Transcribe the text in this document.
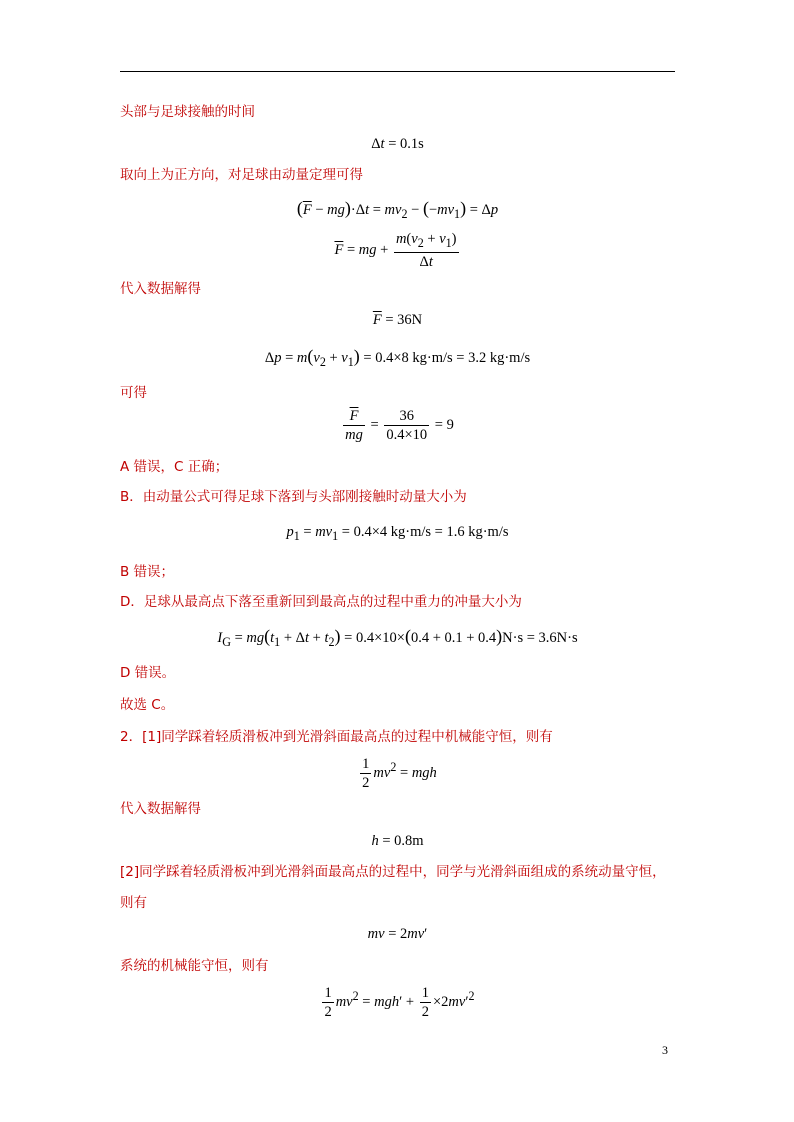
头部与足球接触的时间
Δt = 0.1s
取向上为正方向，对足球由动量定理可得
$(\overline{F} - mg)\cdot\Delta t = mv_2 - (-mv_1) = \Delta p$
$\overline{F}$ = mg + $\frac{m(v_2 + v_1)}{\Delta t}$
代入数据解得
$\overline{F} = 36N$
$\Delta p = m(v_2 + v_1) = 0.4\times 8$ kg·m/s = 3.2 kg·m/s
可得
$\frac{\overline{F}}{mg} = \frac{36}{0.4\times 10} = 9$
A 错误，C 正确；
B．由动量公式可得足球下落到与头部刚接触时动量大小为
$p_1 = mv_1 = 0.4\times 4$ kg·m/s = 1.6 kg·m/s
B 错误；
D．足球从最高点下落至重新回到最高点的过程中重力的冲量大小为
$I_G = mg(t_1 + \Delta t + t_2) = 0.4\times 10\times(0.4 + 0.1 + 0.4)N\cdot s = 3.6N\cdot s$
D 错误。
故选 C。
2．[1]同学踩着轻质滑板冲到光滑斜面最高点的过程中机械能守恒，则有
$\frac{1}{2} mv^2$ = mgh
代入数据解得
h = 0.8m
[2]同学踩着轻质滑板冲到光滑斜面最高点的过程中，同学与光滑斜面组成的系统动量守恒，
则有
mv = 2mv′
系统的机械能守恒，则有
$\frac{1}{2} mv^2 = mgh' + \frac{1}{2} \times 2mv'^2$
3
